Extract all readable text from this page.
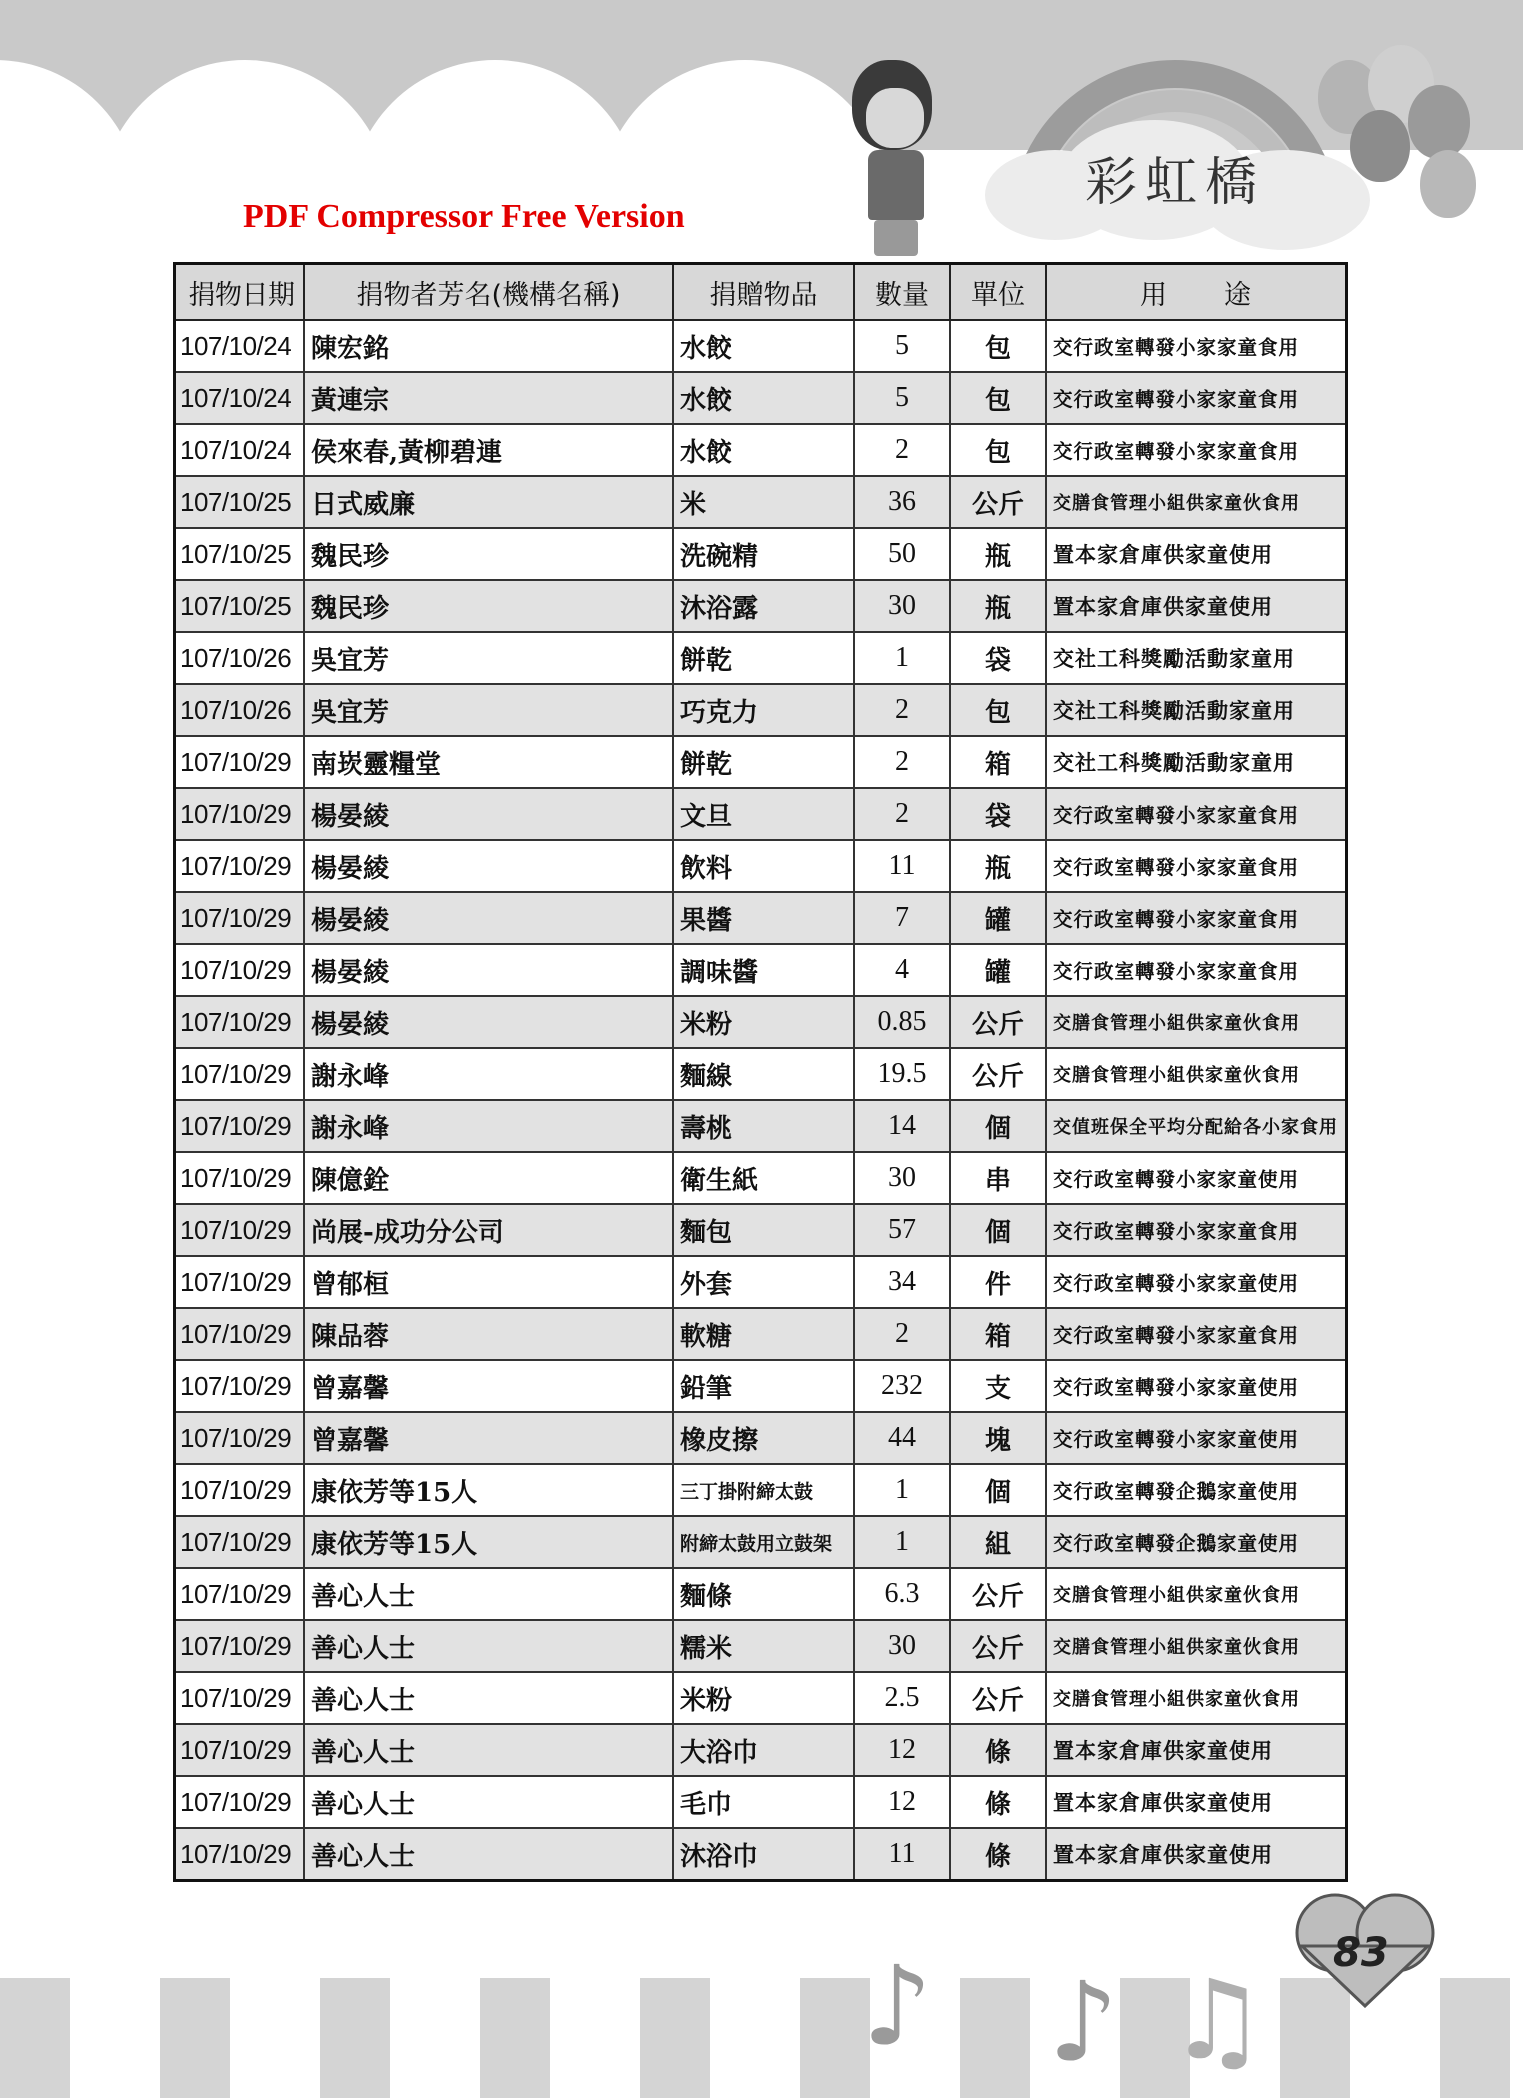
彩虹橋
PDF Compressor Free Version
捐物日期	捐物者芳名(機構名稱)	捐贈物品	數量	單位	用　　途
107/10/24	陳宏銘	水餃	5	包	交行政室轉發小家家童食用
107/10/24	黃連宗	水餃	5	包	交行政室轉發小家家童食用
107/10/24	侯來春,黃柳碧連	水餃	2	包	交行政室轉發小家家童食用
107/10/25	日式威廉	米	36	公斤	交膳食管理小組供家童伙食用
107/10/25	魏民珍	洗碗精	50	瓶	置本家倉庫供家童使用
107/10/25	魏民珍	沐浴露	30	瓶	置本家倉庫供家童使用
107/10/26	吳宜芳	餅乾	1	袋	交社工科獎勵活動家童用
107/10/26	吳宜芳	巧克力	2	包	交社工科獎勵活動家童用
107/10/29	南崁靈糧堂	餅乾	2	箱	交社工科獎勵活動家童用
107/10/29	楊晏綾	文旦	2	袋	交行政室轉發小家家童食用
107/10/29	楊晏綾	飲料	11	瓶	交行政室轉發小家家童食用
107/10/29	楊晏綾	果醬	7	罐	交行政室轉發小家家童食用
107/10/29	楊晏綾	調味醬	4	罐	交行政室轉發小家家童食用
107/10/29	楊晏綾	米粉	0.85	公斤	交膳食管理小組供家童伙食用
107/10/29	謝永峰	麵線	19.5	公斤	交膳食管理小組供家童伙食用
107/10/29	謝永峰	壽桃	14	個	交值班保全平均分配給各小家食用
107/10/29	陳億銓	衛生紙	30	串	交行政室轉發小家家童使用
107/10/29	尚展-成功分公司	麵包	57	個	交行政室轉發小家家童食用
107/10/29	曾郁桓	外套	34	件	交行政室轉發小家家童使用
107/10/29	陳品蓉	軟糖	2	箱	交行政室轉發小家家童食用
107/10/29	曾嘉馨	鉛筆	232	支	交行政室轉發小家家童使用
107/10/29	曾嘉馨	橡皮擦	44	塊	交行政室轉發小家家童使用
107/10/29	康依芳等15人	三丁掛附締太鼓	1	個	交行政室轉發企鵝家童使用
107/10/29	康依芳等15人	附締太鼓用立鼓架	1	組	交行政室轉發企鵝家童使用
107/10/29	善心人士	麵條	6.3	公斤	交膳食管理小組供家童伙食用
107/10/29	善心人士	糯米	30	公斤	交膳食管理小組供家童伙食用
107/10/29	善心人士	米粉	2.5	公斤	交膳食管理小組供家童伙食用
107/10/29	善心人士	大浴巾	12	條	置本家倉庫供家童使用
107/10/29	善心人士	毛巾	12	條	置本家倉庫供家童使用
107/10/29	善心人士	沐浴巾	11	條	置本家倉庫供家童使用
♪ ♪ ♫
83
